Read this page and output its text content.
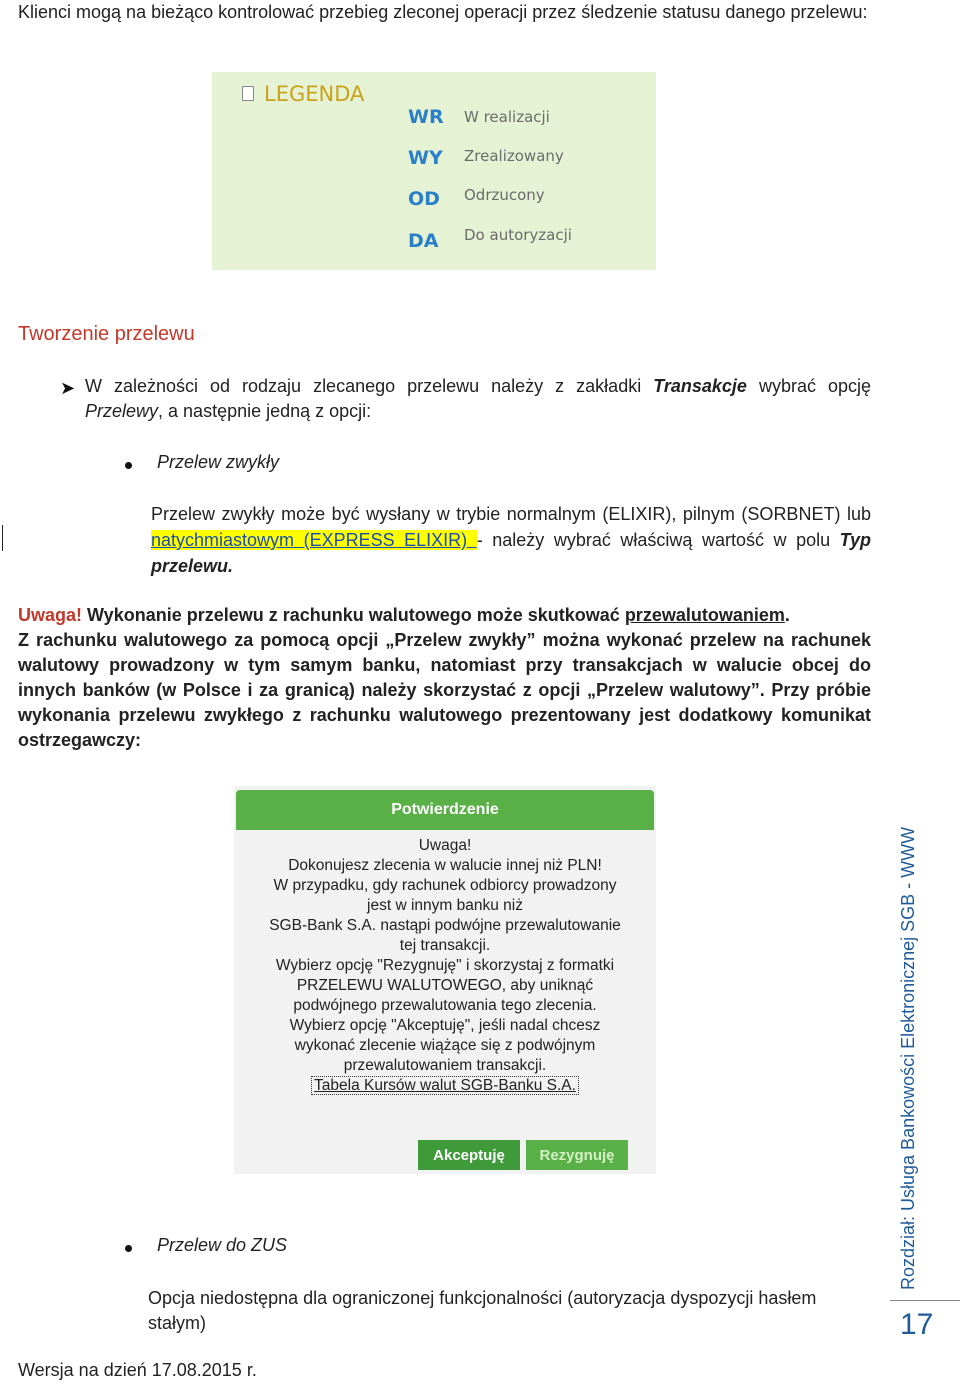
Klienci mogą na bieżąco kontrolować przebieg zleconej operacji przez śledzenie statusu danego przelewu:
LEGENDA
WR W realizacji
WY Zrealizowany
OD Odrzucony
DA Do autoryzacji
Tworzenie przelewu
➤ W zależności od rodzaju zlecanego przelewu należy z zakładki Transakcje wybrać opcję Przelewy, a następnie jedną z opcji:
Przelew zwykły
Przelew zwykły może być wysłany w trybie normalnym (ELIXIR), pilnym (SORBNET) lub natychmiastowym (EXPRESS ELIXIR) - należy wybrać właściwą wartość w polu Typ przelewu.
Uwaga! Wykonanie przelewu z rachunku walutowego może skutkować przewalutowaniem.
Z rachunku walutowego za pomocą opcji „Przelew zwykły” można wykonać przelew na rachunek walutowy prowadzony w tym samym banku, natomiast przy transakcjach w walucie obcej do innych banków (w Polsce i za granicą) należy skorzystać z opcji „Przelew walutowy”. Przy próbie wykonania przelewu zwykłego z rachunku walutowego prezentowany jest dodatkowy komunikat ostrzegawczy:
Potwierdzenie
Uwaga!
Dokonujesz zlecenia w walucie innej niż PLN!
W przypadku, gdy rachunek odbiorcy prowadzony
jest w innym banku niż
SGB-Bank S.A. nastąpi podwójne przewalutowanie
tej transakcji.
Wybierz opcję "Rezygnuję" i skorzystaj z formatki
PRZELEWU WALUTOWEGO, aby uniknąć
podwójnego przewalutowania tego zlecenia.
Wybierz opcję "Akceptuję", jeśli nadal chcesz
wykonać zlecenie wiążące się z podwójnym
przewalutowaniem transakcji.
Tabela Kursów walut SGB-Banku S.A.
Akceptuję	Rezygnuję
Przelew do ZUS
Opcja niedostępna dla ograniczonej funkcjonalności (autoryzacja dyspozycji hasłem stałym)
Wersja na dzień 17.08.2015 r.
Rozdział: Usługa Bankowości Elektronicznej SGB - WWW
17
